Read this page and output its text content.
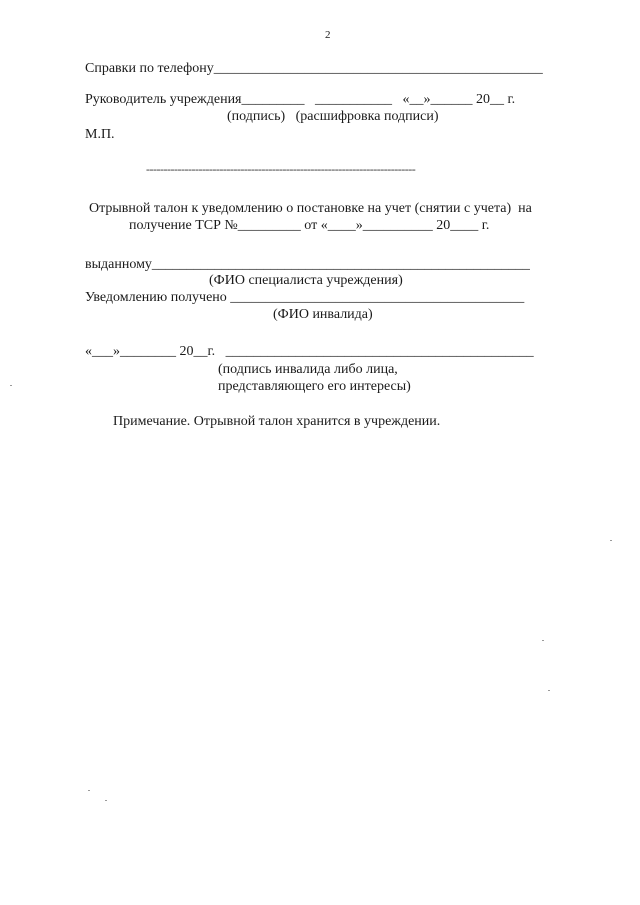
2
Справки по телефону_______________________________________________
Руководитель учреждения_________   ___________   «__»______ 20__ г.
(подпись)   (расшифровка подписи)
М.П.
-----------------------------------------------------------------------------
Отрывной талон к уведомлению о постановке на учет (снятии с учета)  на
получение ТСР №_________ от «____»__________ 20____ г.
выданному______________________________________________________
(ФИО специалиста учреждения)
Уведомлению получено __________________________________________
(ФИО инвалида)
«___»________ 20__г.   ____________________________________________
(подпись инвалида либо лица,
представляющего его интересы)
Примечание. Отрывной талон хранится в учреждении.
